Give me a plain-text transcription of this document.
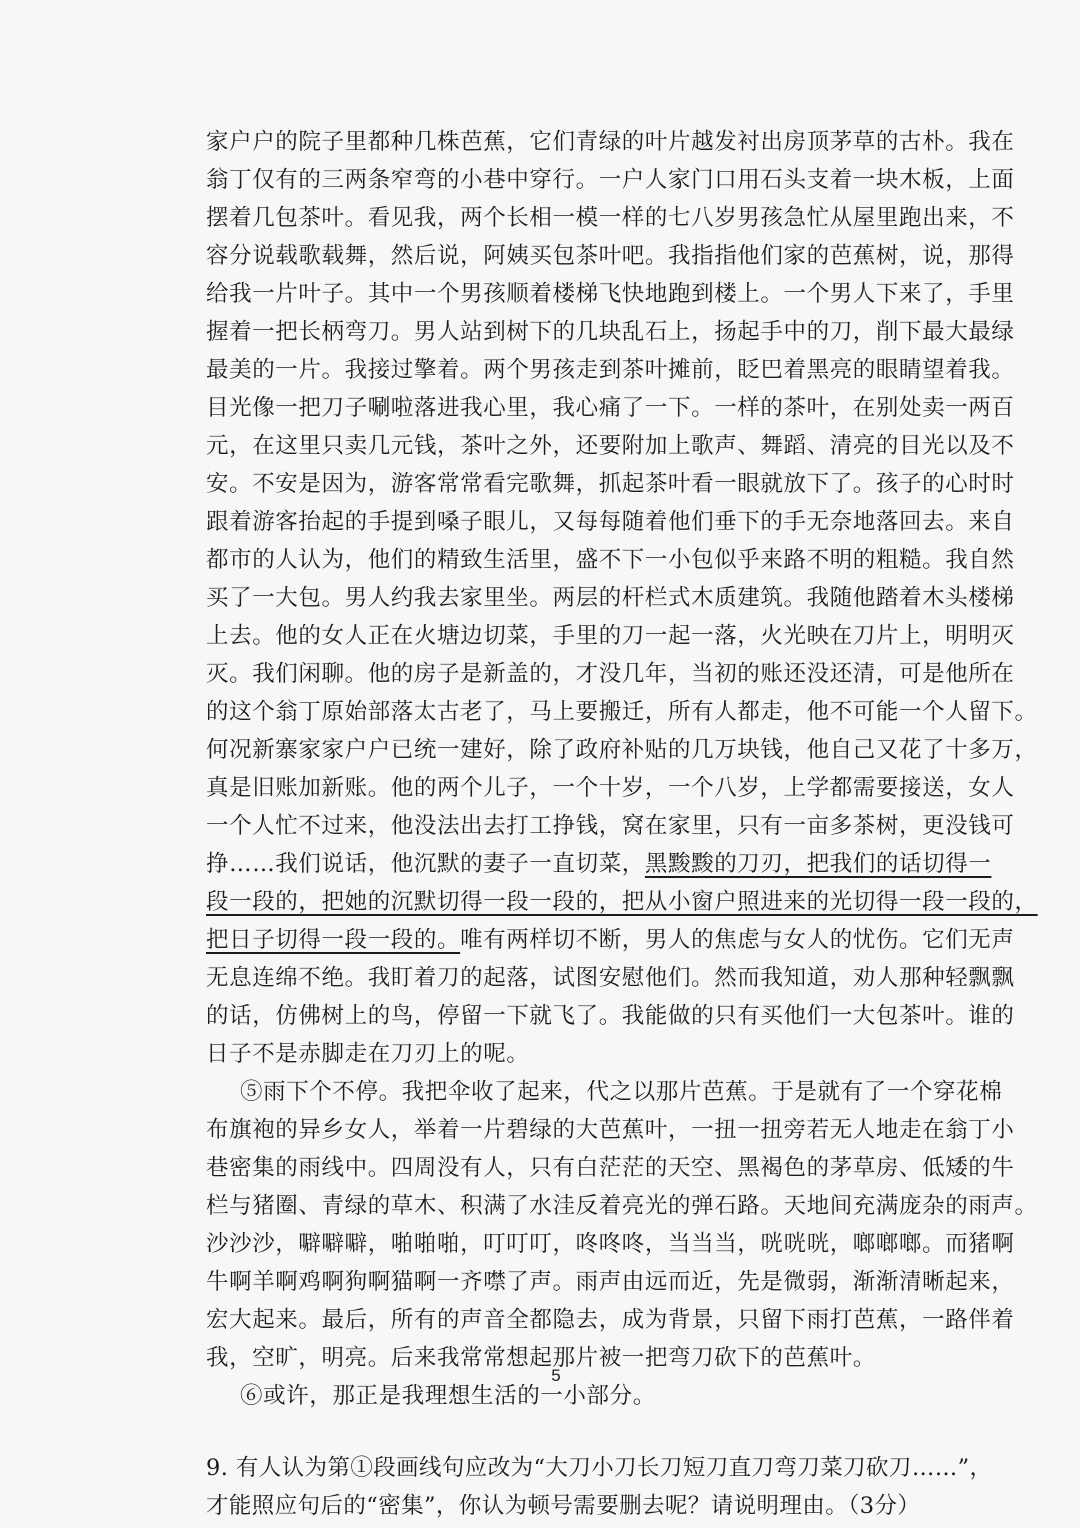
家户户的院子里都种几株芭蕉，它们青绿的叶片越发衬出房顶茅草的古朴。我在
翁丁仅有的三两条窄弯的小巷中穿行。一户人家门口用石头支着一块木板，上面
摆着几包茶叶。看见我，两个长相一模一样的七八岁男孩急忙从屋里跑出来，不
容分说载歌载舞，然后说，阿姨买包茶叶吧。我指指他们家的芭蕉树，说，那得
给我一片叶子。其中一个男孩顺着楼梯飞快地跑到楼上。一个男人下来了，手里
握着一把长柄弯刀。男人站到树下的几块乱石上，扬起手中的刀，削下最大最绿
最美的一片。我接过擎着。两个男孩走到茶叶摊前，眨巴着黑亮的眼睛望着我。
目光像一把刀子唰啦落进我心里，我心痛了一下。一样的茶叶，在别处卖一两百
元，在这里只卖几元钱，茶叶之外，还要附加上歌声、舞蹈、清亮的目光以及不
安。不安是因为，游客常常看完歌舞，抓起茶叶看一眼就放下了。孩子的心时时
跟着游客抬起的手提到嗓子眼儿，又每每随着他们垂下的手无奈地落回去。来自
都市的人认为，他们的精致生活里，盛不下一小包似乎来路不明的粗糙。我自然
买了一大包。男人约我去家里坐。两层的杆栏式木质建筑。我随他踏着木头楼梯
上去。他的女人正在火塘边切菜，手里的刀一起一落，火光映在刀片上，明明灭
灭。我们闲聊。他的房子是新盖的，才没几年，当初的账还没还清，可是他所在
的这个翁丁原始部落太古老了，马上要搬迁，所有人都走，他不可能一个人留下。
何况新寨家家户户已统一建好，除了政府补贴的几万块钱，他自己又花了十多万，
真是旧账加新账。他的两个儿子，一个十岁，一个八岁，上学都需要接送，女人
一个人忙不过来，他没法出去打工挣钱，窝在家里，只有一亩多茶树，更没钱可
挣……我们说话，他沉默的妻子一直切菜，黑黢黢的刀刃，把我们的话切得一
段一段的，把她的沉默切得一段一段的，把从小窗户照进来的光切得一段一段的，
把日子切得一段一段的。唯有两样切不断，男人的焦虑与女人的忧伤。它们无声
无息连绵不绝。我盯着刀的起落，试图安慰他们。然而我知道，劝人那种轻飘飘
的话，仿佛树上的鸟，停留一下就飞了。我能做的只有买他们一大包茶叶。谁的
日子不是赤脚走在刀刃上的呢。
⑤雨下个不停。我把伞收了起来，代之以那片芭蕉。于是就有了一个穿花棉
布旗袍的异乡女人，举着一片碧绿的大芭蕉叶，一扭一扭旁若无人地走在翁丁小
巷密集的雨线中。四周没有人，只有白茫茫的天空、黑褐色的茅草房、低矮的牛
栏与猪圈、青绿的草木、积满了水洼反着亮光的弹石路。天地间充满庞杂的雨声。
沙沙沙，噼噼噼，啪啪啪，叮叮叮，咚咚咚，当当当，咣咣咣，啷啷啷。而猪啊
牛啊羊啊鸡啊狗啊猫啊一齐噤了声。雨声由远而近，先是微弱，渐渐清晰起来，
宏大起来。最后，所有的声音全都隐去，成为背景，只留下雨打芭蕉，一路伴着
我，空旷，明亮。后来我常常想起那片被一把弯刀砍下的芭蕉叶。
⑥或许，那正是我理想生活的一小部分。
9. 有人认为第①段画线句应改为“大刀小刀长刀短刀直刀弯刀菜刀砍刀……”，
才能照应句后的“密集”，你认为顿号需要删去呢？请说明理由。（3分）
5
